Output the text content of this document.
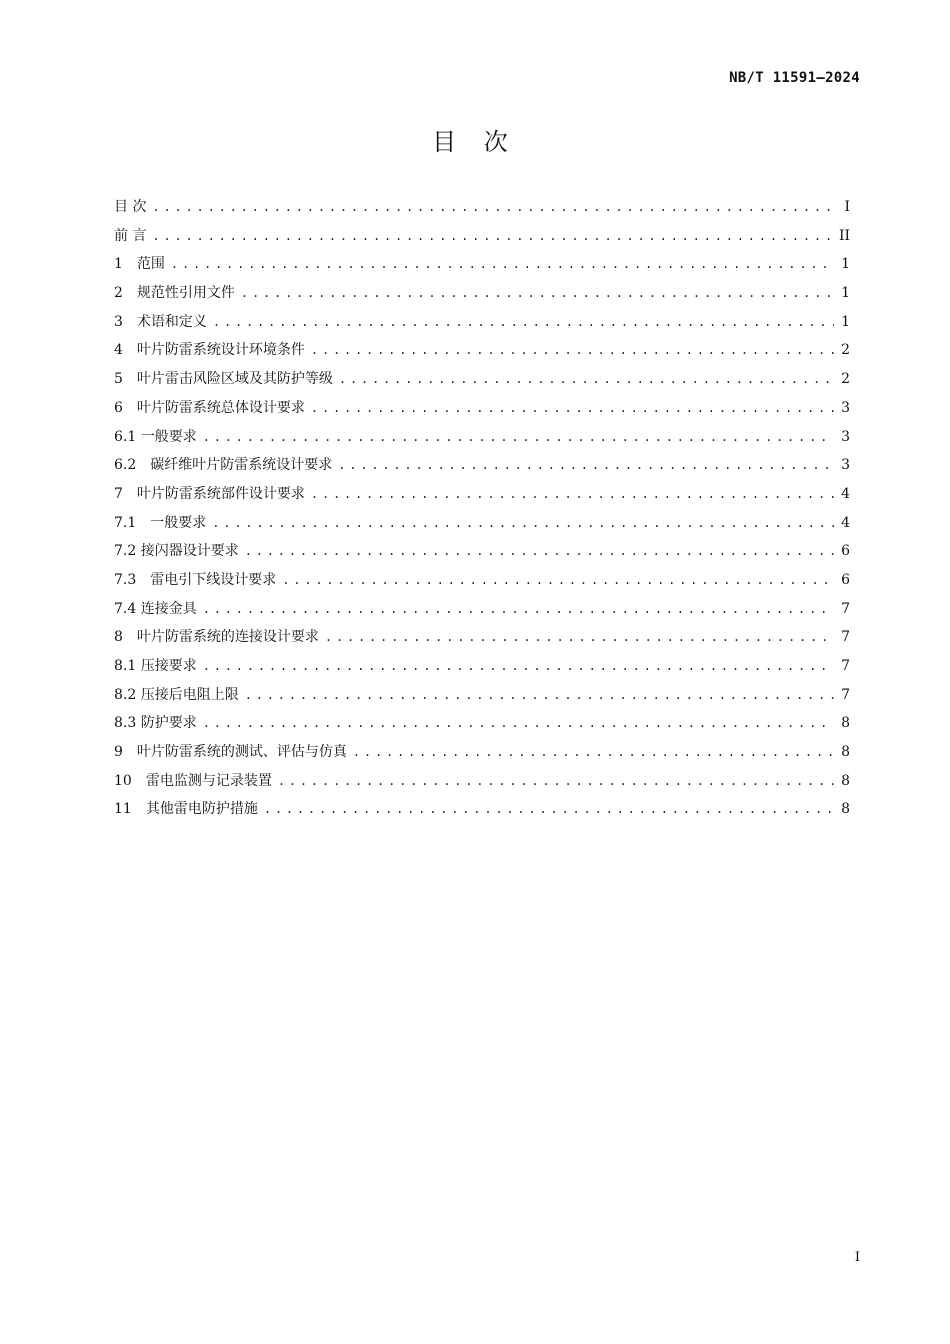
NB/T 11591—2024
目 次
目 次 .....	I
前 言 .....	II
1　范围 .....	1
2　规范性引用文件 .....	1
3　术语和定义 .....	1
4　叶片防雷系统设计环境条件 .....	2
5　叶片雷击风险区域及其防护等级 .....	2
6　叶片防雷系统总体设计要求 .....	3
6.1 一般要求 .....	3
6.2　碳纤维叶片防雷系统设计要求 .....	3
7　叶片防雷系统部件设计要求 .....	4
7.1　一般要求 .....	4
7.2 接闪器设计要求 .....	6
7.3　雷电引下线设计要求 .....	6
7.4 连接金具 .....	7
8　叶片防雷系统的连接设计要求 .....	7
8.1 压接要求 .....	7
8.2 压接后电阻上限 .....	7
8.3 防护要求 .....	8
9　叶片防雷系统的测试、评估与仿真 .....	8
10　雷电监测与记录装置 .....	8
11　其他雷电防护措施 .....	8
I
